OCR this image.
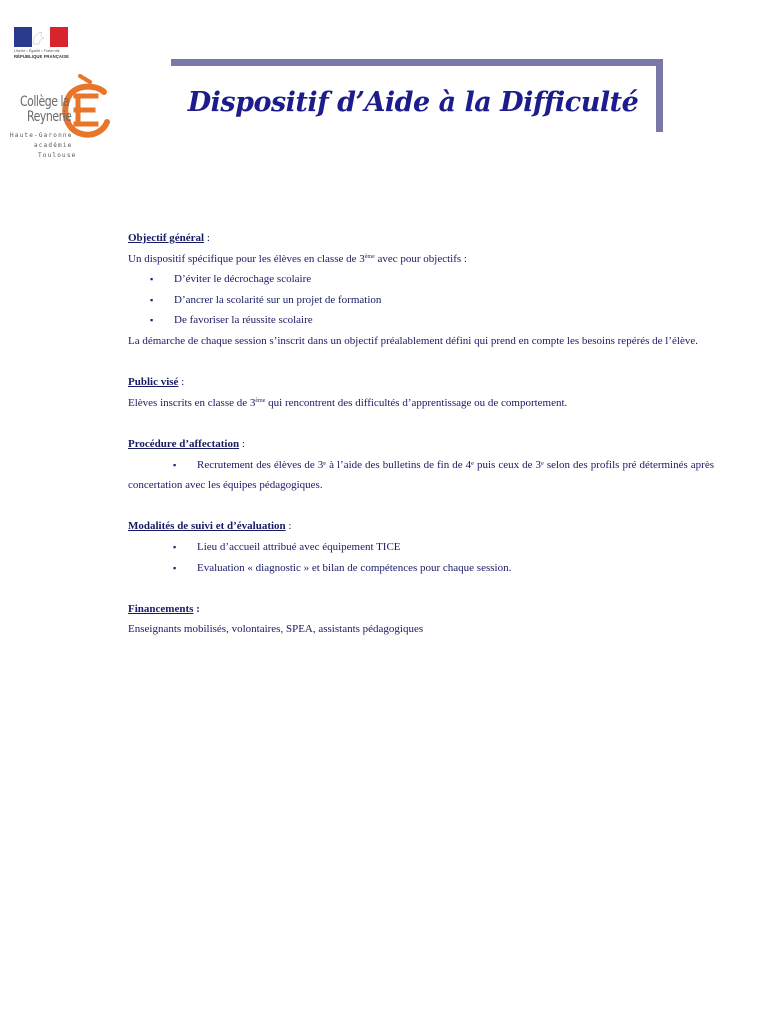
Liberté • Égalité • Fraternité
RÉPUBLIQUE FRANÇAISE
Collège la
Reynerie
Haute-Garonne
académie
Toulouse
Dispositif d’Aide à la Difficulté
Objectif général :

Un dispositif spécifique pour les élèves en classe de 3ème avec pour objectifs :

▪ D’éviter le décrochage scolaire
▪ D’ancrer la scolarité sur un projet de formation
▪ De favoriser la réussite scolaire

La démarche de chaque session s’inscrit dans un objectif préalablement défini qui prend en compte les besoins repérés de l’élève.

Public visé :

Elèves inscrits en classe de 3ème qui rencontrent des difficultés d’apprentissage ou de comportement.

Procédure d’affectation :
▪ Recrutement des élèves de 3ᵉ à l’aide des bulletins de fin de 4ᵉ puis ceux de 3ᵉ selon des profils pré déterminés après concertation avec les équipes pédagogiques.
Modalités de suivi et d’évaluation :
▪ Lieu d’accueil attribué avec équipement TICE
▪ Evaluation « diagnostic » et bilan de compétences pour chaque session.
Financements :

Enseignants mobilisés, volontaires, SPEA, assistants pédagogiques
